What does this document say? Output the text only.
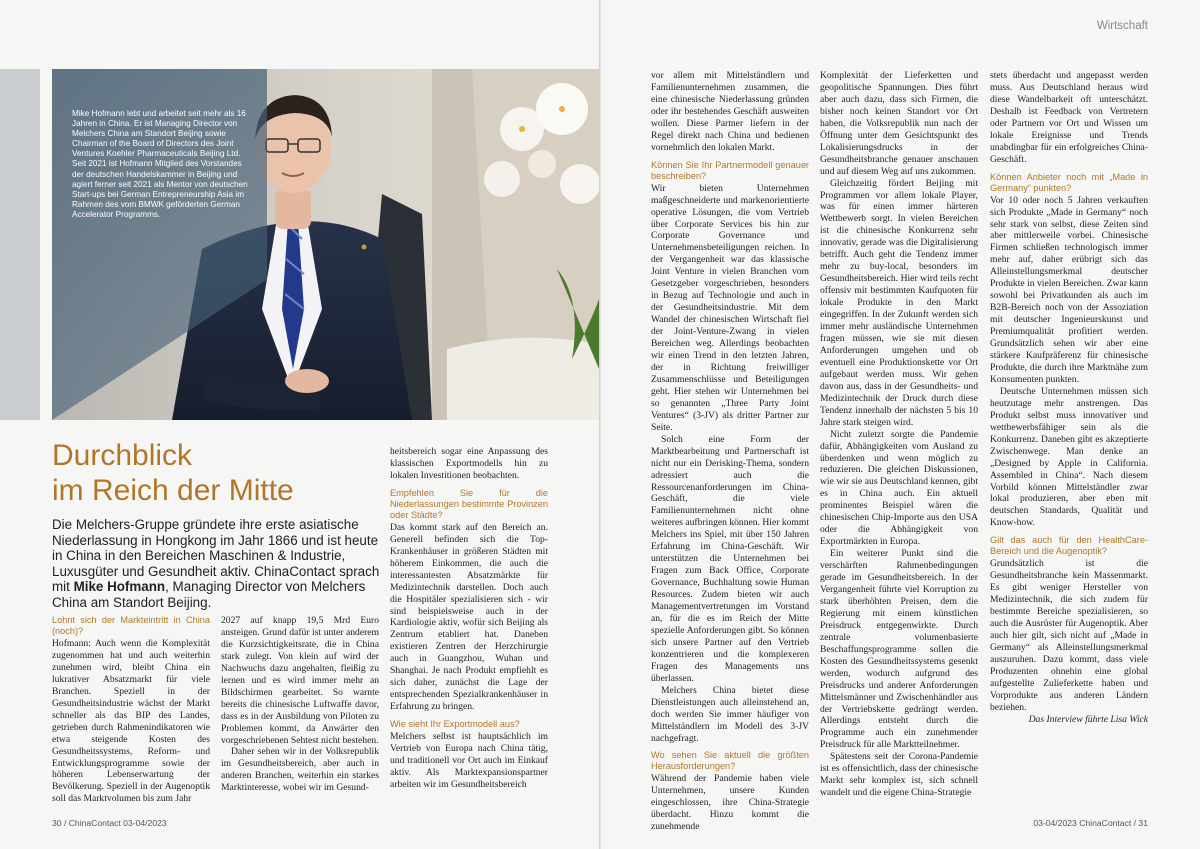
Mike Hofmann lebt und arbeitet seit mehr als 16 Jahren in China. Er ist Managing Director von Melchers China am Standort Beijing sowie Chairman of the Board of Directors des Joint Ventures Koehler Pharmaceuticals Beijing Ltd. Seit 2021 ist Hofmann Mitglied des Vorstandes der deutschen Handelskammer in Beijing und agiert ferner seit 2021 als Mentor von deutschen Start-ups bei German Entrepreneurship Asia im Rahmen des vom BMWK geförderten German Accelerator Programms.

Durchblick
im Reich der Mitte

Die Melchers-Gruppe gründete ihre erste asiatische Niederlassung in Hongkong im Jahr 1866 und ist heute in China in den Bereichen Maschinen & Industrie, Luxusgüter und Gesundheit aktiv. ChinaContact sprach mit Mike Hofmann, Managing Director von Melchers China am Standort Beijing.

Lohnt sich der Markteintritt in China (noch)?

Hofmann: Auch wenn die Komplexität zugenommen hat und auch weiterhin zunehmen wird, bleibt China ein lukrativer Absatzmarkt für viele Branchen. Speziell in der Gesundheitsindustrie wächst der Markt schneller als das BIP des Landes, getrieben durch Rahmenindikatoren wie etwa steigende Kosten des Gesundheitssystems, Reform- und Entwicklungsprogramme sowie der höheren Lebenserwartung der Bevölkerung. Speziell in der Augenoptik soll das Marktvolumen bis zum Jahr

2027 auf knapp 19,5 Mrd Euro ansteigen. Grund dafür ist unter anderem die Kurzsichtigkeitsrate, die in China stark zulegt. Von klein auf wird der Nachwuchs dazu angehalten, fleißig zu lernen und es wird immer mehr an Bildschirmen gearbeitet. So warnte bereits die chinesische Luftwaffe davor, dass es in der Ausbildung von Piloten zu Problemen kommt, da Anwärter den vorgeschriebenen Sehtest nicht bestehen.

Daher sehen wir in der Volksrepublik im Gesundheitsbereich, aber auch in anderen Branchen, weiterhin ein starkes Marktinteresse, wobei wir im Gesund-

heitsbereich sogar eine Anpassung des klassischen Exportmodells hin zu lokalen Investitionen beobachten.

Empfehlen Sie für die Niederlassungen bestimmte Provinzen oder Städte?

Das kommt stark auf den Bereich an. Generell befinden sich die Top-Krankenhäuser in größeren Städten mit höherem Einkommen, die auch die interessantesten Absatzmärkte für Medizintechnik darstellen. Doch auch die Hospitäler spezialisieren sich - wir sind beispielsweise auch in der Kardiologie aktiv, wofür sich Beijing als Zentrum etabliert hat. Daneben existieren Zentren der Herzchirurgie auch in Guangzhou, Wuhan und Shanghai. Je nach Produkt empfiehlt es sich daher, zunächst die Lage der entsprechenden Spezialkrankenhäuser in Erfahrung zu bringen.

Wie sieht Ihr Exportmodell aus?

Melchers selbst ist hauptsächlich im Vertrieb von Europa nach China tätig, und traditionell vor Ort auch im Einkauf aktiv. Als Marktexpansionspartner arbeiten wir im Gesundheitsbereich

30 / ChinaContact 03-04/2023
Wirtschaft

vor allem mit Mittelständlern und Familienunternehmen zusammen, die eine chinesische Niederlassung gründen oder ihr bestehendes Geschäft ausweiten wollen. Diese Partner liefern in der Regel direkt nach China und bedienen vornehmlich den lokalen Markt.

Können Sie Ihr Partnermodell genauer beschreiben?

Wir bieten Unternehmen maßgeschneiderte und markenorientierte operative Lösungen, die vom Vertrieb über Corporate Services bis hin zur Corporate Governance und Unternehmensbeteiligungen reichen. In der Vergangenheit war das klassische Joint Venture in vielen Branchen vom Gesetzgeber vorgeschrieben, besonders in Bezug auf Technologie und auch in der Gesundheitsindustrie. Mit dem Wandel der chinesischen Wirtschaft fiel der Joint-Venture-Zwang in vielen Bereichen weg. Allerdings beobachten wir einen Trend in den letzten Jahren, der in Richtung freiwilliger Zusammenschlüsse und Beteiligungen geht. Hier stehen wir Unternehmen bei so genannten „Three Party Joint Ventures“ (3-JV) als dritter Partner zur Seite.

Solch eine Form der Marktbearbeitung und Partnerschaft ist nicht nur ein Derisking-Thema, sondern adressiert auch die Ressourcenanforderungen im China-Geschäft, die viele Familienunternehmen nicht ohne weiteres aufbringen können. Hier kommt Melchers ins Spiel, mit über 150 Jahren Erfahrung im China-Geschäft. Wir unterstützen die Unternehmen bei Fragen zum Back Office, Corporate Governance, Buchhaltung sowie Human Resources. Zudem bieten wir auch Managementvertretungen im Vorstand an, für die es im Reich der Mitte spezielle Anforderungen gibt. So können sich unsere Partner auf den Vertrieb konzentrieren und die komplexeren Fragen des Managements uns überlassen.

Melchers China bietet diese Dienstleistungen auch alleinstehend an, doch werden Sie immer häufiger von Mittelständlern im Modell des 3-JV nachgefragt.

Wo sehen Sie aktuell die größten Herausforderungen?

Während der Pandemie haben viele Unternehmen, unsere Kunden eingeschlossen, ihre China-Strategie überdacht. Hinzu kommt die zunehmende

Komplexität der Lieferketten und geopolitische Spannungen. Dies führt aber auch dazu, dass sich Firmen, die bisher noch keinen Standort vor Ort haben, die Volksrepublik nun nach der Öffnung unter dem Gesichtspunkt des Lokalisierungsdrucks in der Gesundheitsbranche genauer anschauen und auf diesem Weg auf uns zukommen.

Gleichzeitig fördert Beijing mit Programmen vor allem lokale Player, was für einen immer härteren Wettbewerb sorgt. In vielen Bereichen ist die chinesische Konkurrenz sehr innovativ, gerade was die Digitalisierung betrifft. Auch geht die Tendenz immer mehr zu buy-local, besonders im Gesundheitsbereich. Hier wird teils recht offensiv mit bestimmten Kaufquoten für lokale Produkte in den Markt eingegriffen. In der Zukunft werden sich immer mehr ausländische Unternehmen fragen müssen, wie sie mit diesen Anforderungen umgehen und ob eventuell eine Produktionskette vor Ort aufgebaut werden muss. Wir gehen davon aus, dass in der Gesundheits- und Medizintechnik der Druck durch diese Tendenz innerhalb der nächsten 5 bis 10 Jahre stark steigen wird.

Nicht zuletzt sorgte die Pandemie dafür, Abhängigkeiten vom Ausland zu überdenken und wenn möglich zu reduzieren. Die gleichen Diskussionen, wie wir sie aus Deutschland kennen, gibt es in China auch. Ein aktuell prominentes Beispiel wären die chinesischen Chip-Importe aus den USA oder die Abhängigkeit von Exportmärkten in Europa.

Ein weiterer Punkt sind die verschärften Rahmenbedingungen gerade im Gesundheitsbereich. In der Vergangenheit führte viel Korruption zu stark überhöhten Preisen, dem die Regierung mit einem künstlichen Preisdruck entgegenwirkte. Durch zentrale volumenbasierte Beschaffungsprogramme sollen die Kosten des Gesundheitssystems gesenkt werden, wodurch aufgrund des Preisdrucks und anderer Anforderungen Mittelsmänner und Zwischenhändler aus der Vertriebskette gedrängt werden. Allerdings entsteht durch die Programme auch ein zunehmender Preisdruck für alle Marktteilnehmer.

Spätestens seit der Corona-Pandemie ist es offensichtlich, dass der chinesische Markt sehr komplex ist, sich schnell wandelt und die eigene China-Strategie

stets überdacht und angepasst werden muss. Aus Deutschland heraus wird diese Wandelbarkeit oft unterschätzt. Deshalb ist Feedback von Vertretern oder Partnern vor Ort und Wissen um lokale Ereignisse und Trends unabdingbar für ein erfolgreiches China-Geschäft.

Können Anbieter noch mit „Made in Germany“ punkten?

Vor 10 oder noch 5 Jahren verkauften sich Produkte „Made in Germany“ noch sehr stark von selbst, diese Zeiten sind aber mittlerweile vorbei. Chinesische Firmen schließen technologisch immer mehr auf, daher erübrigt sich das Alleinstellungsmerkmal deutscher Produkte in vielen Bereichen. Zwar kann sowohl bei Privatkunden als auch im B2B-Bereich noch von der Assoziation mit deutscher Ingenieurskunst und Premiumqualität profitiert werden. Grundsätzlich sehen wir aber eine stärkere Kaufpräferenz für chinesische Produkte, die durch ihre Marktnähe zum Konsumenten punkten.

Deutsche Unternehmen müssen sich heutzutage mehr anstrengen. Das Produkt selbst muss innovativer und wettbewerbsfähiger sein als die Konkurrenz. Daneben gibt es akzeptierte Zwischenwege. Man denke an „Designed by Apple in California. Assembled in China“. Nach diesem Vorbild können Mittelständler zwar lokal produzieren, aber eben mit deutschen Standards, Qualität und Know-how.

Gilt das auch für den HealthCare-Bereich und die Augenoptik?

Grundsätzlich ist die Gesundheitsbranche kein Massenmarkt. Es gibt weniger Hersteller von Medizintechnik, die sich zudem für bestimmte Bereiche spezialisieren, so auch die Ausrüster für Augenoptik. Aber auch hier gilt, sich nicht auf „Made in Germany“ als Alleinstellungsmerkmal auszuruhen. Dazu kommt, dass viele Produzenten ohnehin eine global aufgestellte Zulieferkette haben und Vorprodukte aus anderen Ländern beziehen.

Das Interview führte Lisa Wick

03-04/2023 ChinaContact / 31
